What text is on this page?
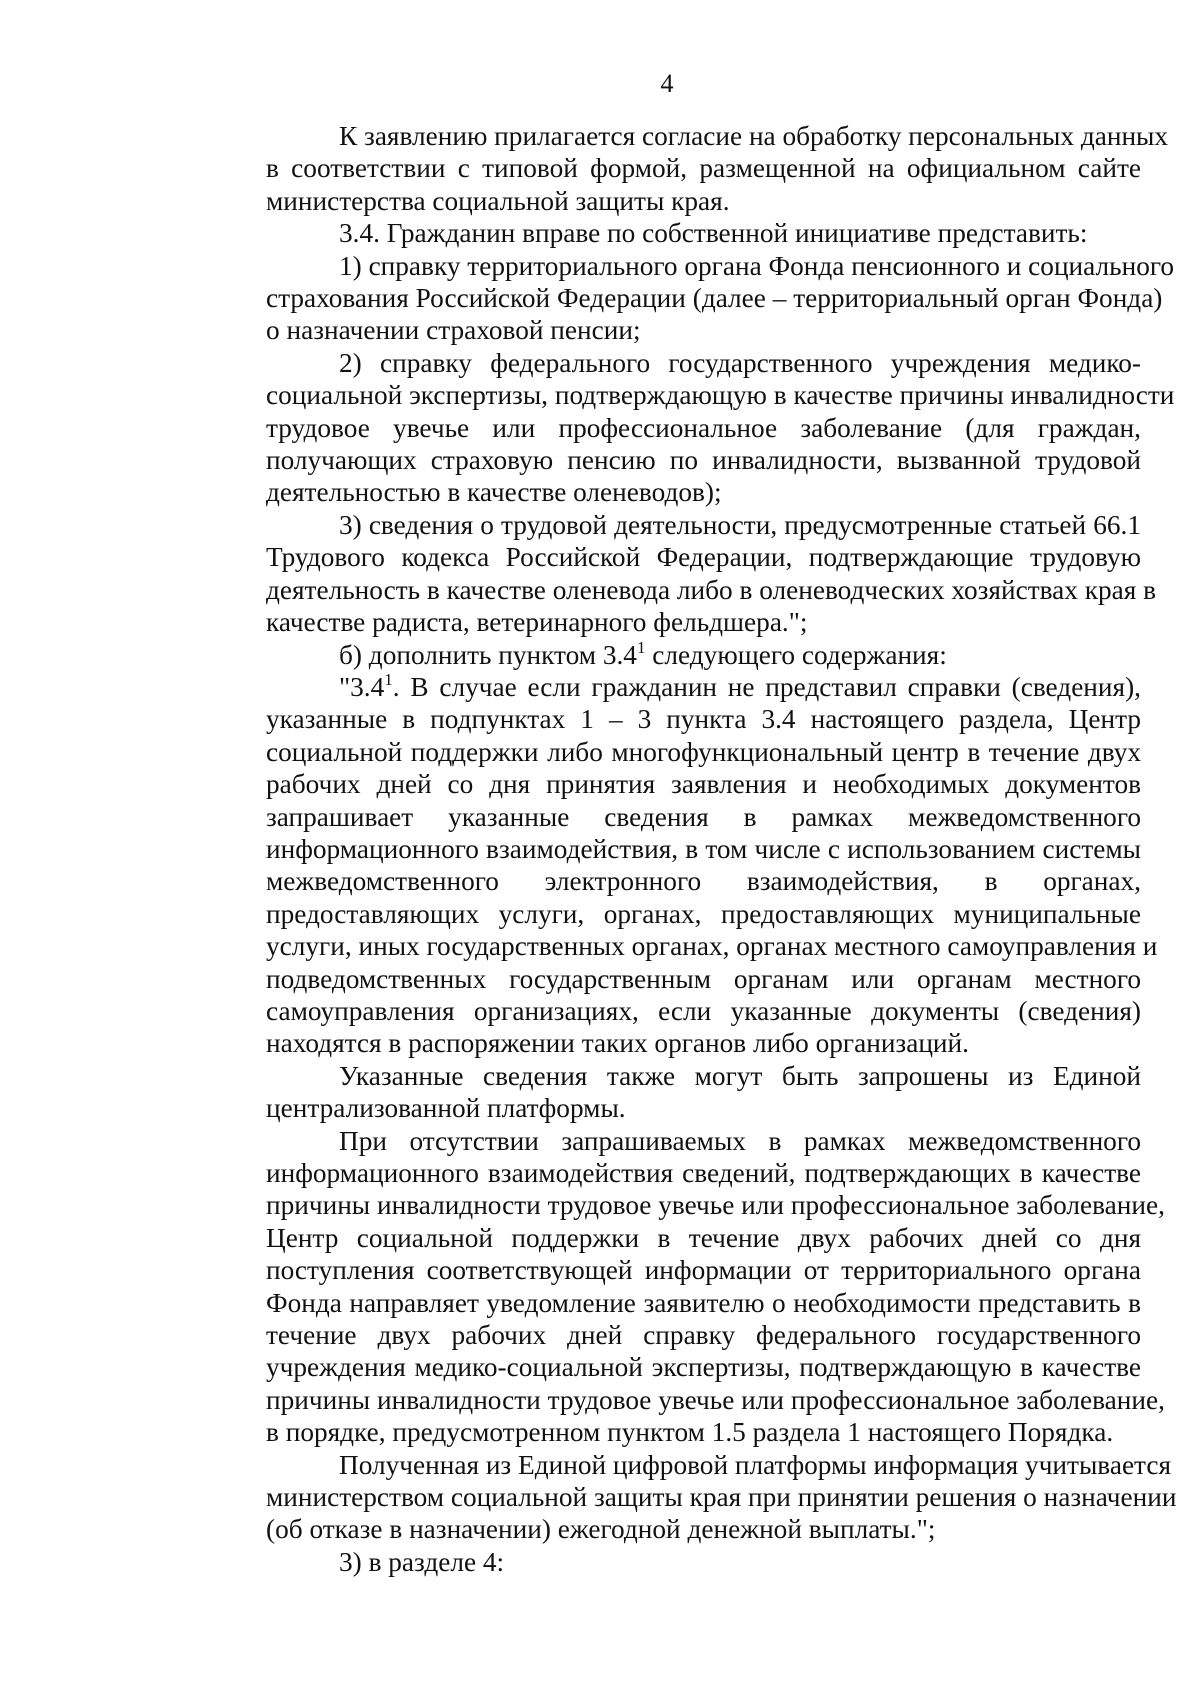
4

К заявлению прилагается согласие на обработку персональных данных
в соответствии с типовой формой, размещенной на официальном сайте
министерства социальной защиты края.

3.4. Гражданин вправе по собственной инициативе представить:

1) справку территориального органа Фонда пенсионного и социального
страхования Российской Федерации (далее – территориальный орган Фонда)
о назначении страховой пенсии;

2) справку федерального государственного учреждения медико-
социальной экспертизы, подтверждающую в качестве причины инвалидности
трудовое увечье или профессиональное заболевание (для граждан,
получающих страховую пенсию по инвалидности, вызванной трудовой
деятельностью в качестве оленеводов);

3) сведения о трудовой деятельности, предусмотренные статьей 66.1
Трудового кодекса Российской Федерации, подтверждающие трудовую
деятельность в качестве оленевода либо в оленеводческих хозяйствах края в
качестве радиста, ветеринарного фельдшера.";

б) дополнить пунктом $3.4^1$ следующего содержания:

"$3.4^1$. В случае если гражданин не представил справки (сведения),
указанные в подпунктах 1 – 3 пункта 3.4 настоящего раздела, Центр
социальной поддержки либо многофункциональный центр в течение двух
рабочих дней со дня принятия заявления и необходимых документов
запрашивает указанные сведения в рамках межведомственного
информационного взаимодействия, в том числе с использованием системы
межведомственного электронного взаимодействия, в органах,
предоставляющих услуги, органах, предоставляющих муниципальные
услуги, иных государственных органах, органах местного самоуправления и
подведомственных государственным органам или органам местного
самоуправления организациях, если указанные документы (сведения)
находятся в распоряжении таких органов либо организаций.

Указанные сведения также могут быть запрошены из Единой
централизованной платформы.

При отсутствии запрашиваемых в рамках межведомственного
информационного взаимодействия сведений, подтверждающих в качестве
причины инвалидности трудовое увечье или профессиональное заболевание,
Центр социальной поддержки в течение двух рабочих дней со дня
поступления соответствующей информации от территориального органа
Фонда направляет уведомление заявителю о необходимости представить в
течение двух рабочих дней справку федерального государственного
учреждения медико-социальной экспертизы, подтверждающую в качестве
причины инвалидности трудовое увечье или профессиональное заболевание,
в порядке, предусмотренном пунктом 1.5 раздела 1 настоящего Порядка.

Полученная из Единой цифровой платформы информация учитывается
министерством социальной защиты края при принятии решения о назначении
(об отказе в назначении) ежегодной денежной выплаты.";

3) в разделе 4:
